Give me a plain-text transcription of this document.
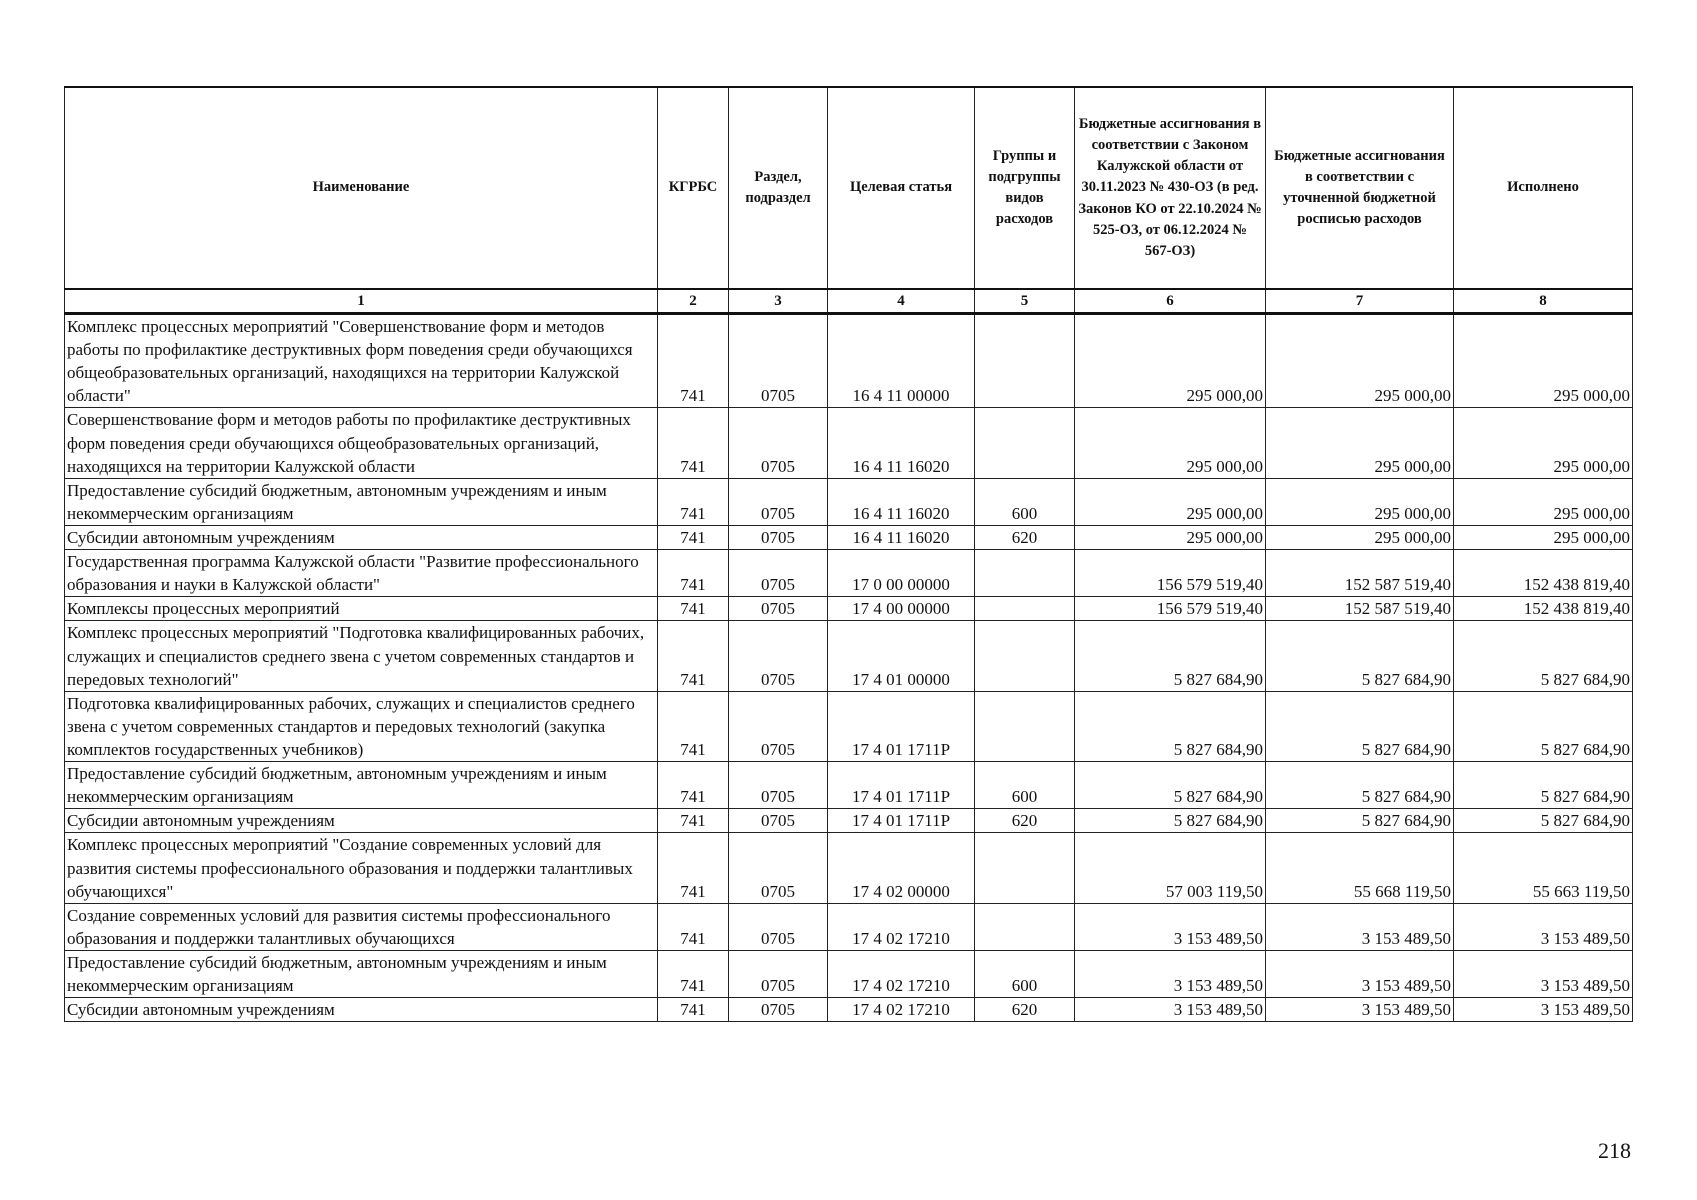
Наименование	КГРБС	Раздел, подраздел	Целевая статья	Группы и подгруппы видов расходов	Бюджетные ассигнования в соответствии с Законом Калужской области от 30.11.2023 № 430-ОЗ (в ред. Законов КО от 22.10.2024 № 525-ОЗ, от 06.12.2024 № 567-ОЗ)	Бюджетные ассигнования в соответствии с уточненной бюджетной росписью расходов	Исполнено
1	2	3	4	5	6	7	8
Комплекс процессных мероприятий "Совершенствование форм и методов работы по профилактике деструктивных форм поведения среди обучающихся общеобразовательных организаций, находящихся на территории Калужской области"	741	0705	16 4 11 00000		295 000,00	295 000,00	295 000,00
Совершенствование форм и методов работы по профилактике деструктивных форм поведения среди обучающихся общеобразовательных организаций, находящихся на территории Калужской области	741	0705	16 4 11 16020		295 000,00	295 000,00	295 000,00
Предоставление субсидий бюджетным, автономным учреждениям и иным некоммерческим организациям	741	0705	16 4 11 16020	600	295 000,00	295 000,00	295 000,00
Субсидии автономным учреждениям	741	0705	16 4 11 16020	620	295 000,00	295 000,00	295 000,00
Государственная программа Калужской области "Развитие профессионального образования и науки в Калужской области"	741	0705	17 0 00 00000		156 579 519,40	152 587 519,40	152 438 819,40
Комплексы процессных мероприятий	741	0705	17 4 00 00000		156 579 519,40	152 587 519,40	152 438 819,40
Комплекс процессных мероприятий "Подготовка квалифицированных рабочих, служащих и специалистов среднего звена с учетом современных стандартов и передовых технологий"	741	0705	17 4 01 00000		5 827 684,90	5 827 684,90	5 827 684,90
Подготовка квалифицированных рабочих, служащих и специалистов среднего звена с учетом современных стандартов и передовых технологий (закупка комплектов государственных учебников)	741	0705	17 4 01 1711P		5 827 684,90	5 827 684,90	5 827 684,90
Предоставление субсидий бюджетным, автономным учреждениям и иным некоммерческим организациям	741	0705	17 4 01 1711P	600	5 827 684,90	5 827 684,90	5 827 684,90
Субсидии автономным учреждениям	741	0705	17 4 01 1711P	620	5 827 684,90	5 827 684,90	5 827 684,90
Комплекс процессных мероприятий "Создание современных условий для развития системы профессионального образования и поддержки талантливых обучающихся"	741	0705	17 4 02 00000		57 003 119,50	55 668 119,50	55 663 119,50
Создание современных условий для развития системы профессионального образования и поддержки талантливых обучающихся	741	0705	17 4 02 17210		3 153 489,50	3 153 489,50	3 153 489,50
Предоставление субсидий бюджетным, автономным учреждениям и иным некоммерческим организациям	741	0705	17 4 02 17210	600	3 153 489,50	3 153 489,50	3 153 489,50
Субсидии автономным учреждениям	741	0705	17 4 02 17210	620	3 153 489,50	3 153 489,50	3 153 489,50
218
